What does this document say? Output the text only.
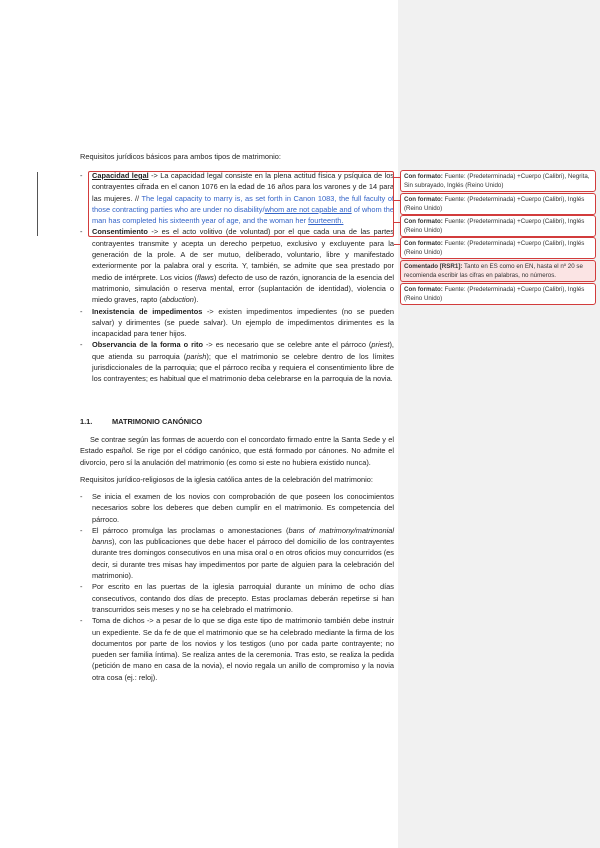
Requisitos jurídicos básicos para ambos tipos de matrimonio:

- Capacidad legal -> La capacidad legal consiste en la plena actitud física y psíquica de los contrayentes cifrada en el canon 1076 en la edad de 16 años para los varones y de 14 para las mujeres. // The legal capacity to marry is, as set forth in Canon 1083, the full faculty of those contracting parties who are under no disability/whom are not capable and of whom the man has completed his sixteenth year of age, and the woman her fourteenth.

- Consentimiento -> es el acto volitivo (de voluntad) por el que cada una de las partes contrayentes transmite y acepta un derecho perpetuo, exclusivo y excluyente para la generación de la prole. A de ser mutuo, deliberado, voluntario, libre y manifestado exteriormente por la palabra oral y escrita. Y, también, se admite que sea prestado por medio de intérprete. Los vicios (flaws) defecto de uso de razón, ignorancia de la esencia del matrimonio, simulación o reserva mental, error (suplantación de identidad), violencia o miedo graves, rapto (abduction).

- Inexistencia de impedimentos -> existen impedimentos impedientes (no se pueden salvar) y dirimentes (se puede salvar). Un ejemplo de impedimentos dirimentes es la incapacidad para tener hijos.

- Observancia de la forma o rito -> es necesario que se celebre ante el párroco (priest), que atienda su parroquia (parish); que el matrimonio se celebre dentro de los límites jurisdiccionales de la parroquia; que el párroco reciba y requiera el consentimiento libre de los contrayentes; es habitual que el matrimonio deba celebrarse en la parroquia de la novia.

1.1.	MATRIMONIO CANÓNICO

Se contrae según las formas de acuerdo con el concordato firmado entre la Santa Sede y el Estado español. Se rige por el código canónico, que está formado por cánones. No admite el divorcio, pero sí la anulación del matrimonio (es como si este no hubiera existido nunca).

Requisitos jurídico-religiosos de la iglesia católica antes de la celebración del matrimonio:

- Se inicia el examen de los novios con comprobación de que poseen los conocimientos necesarios sobre los deberes que deben cumplir en el matrimonio. Es competencia del párroco.

- El párroco promulga las proclamas o amonestaciones (bans of matrimony/matrimonial banns), con las publicaciones que debe hacer el párroco del domicilio de los contrayentes durante tres domingos consecutivos en una misa oral o en otros oficios muy concurridos (es decir, si durante tres misas hay impedimentos por parte de alguien para la celebración del matrimonio).

- Por escrito en las puertas de la iglesia parroquial durante un mínimo de ocho días consecutivos, contando dos días de precepto. Estas proclamas deberán repetirse si han transcurridos seis meses y no se ha celebrado el matrimonio.

- Toma de dichos -> a pesar de lo que se diga este tipo de matrimonio también debe instruir un expediente. Se da fe de que el matrimonio que se ha celebrado mediante la firma de los documentos por parte de los novios y los testigos (uno por cada parte contrayente; no pueden ser familia íntima). Se realiza antes de la ceremonia. Tras esto, se realiza la pedida (petición de mano en casa de la novia), el novio regala un anillo de compromiso y la novia otra cosa (ej.: reloj).

Con formato: Fuente: (Predeterminada) +Cuerpo (Calibri), Negrita, Sin subrayado, Inglés (Reino Unido)
Con formato: Fuente: (Predeterminada) +Cuerpo (Calibri), Inglés (Reino Unido)
Con formato: Fuente: (Predeterminada) +Cuerpo (Calibri), Inglés (Reino Unido)
Con formato: Fuente: (Predeterminada) +Cuerpo (Calibri), Inglés (Reino Unido)
Comentado [RSR1]: Tanto en ES como en EN, hasta el nº 20 se recomienda escribir las cifras en palabras, no números.
Con formato: Fuente: (Predeterminada) +Cuerpo (Calibri), Inglés (Reino Unido)
